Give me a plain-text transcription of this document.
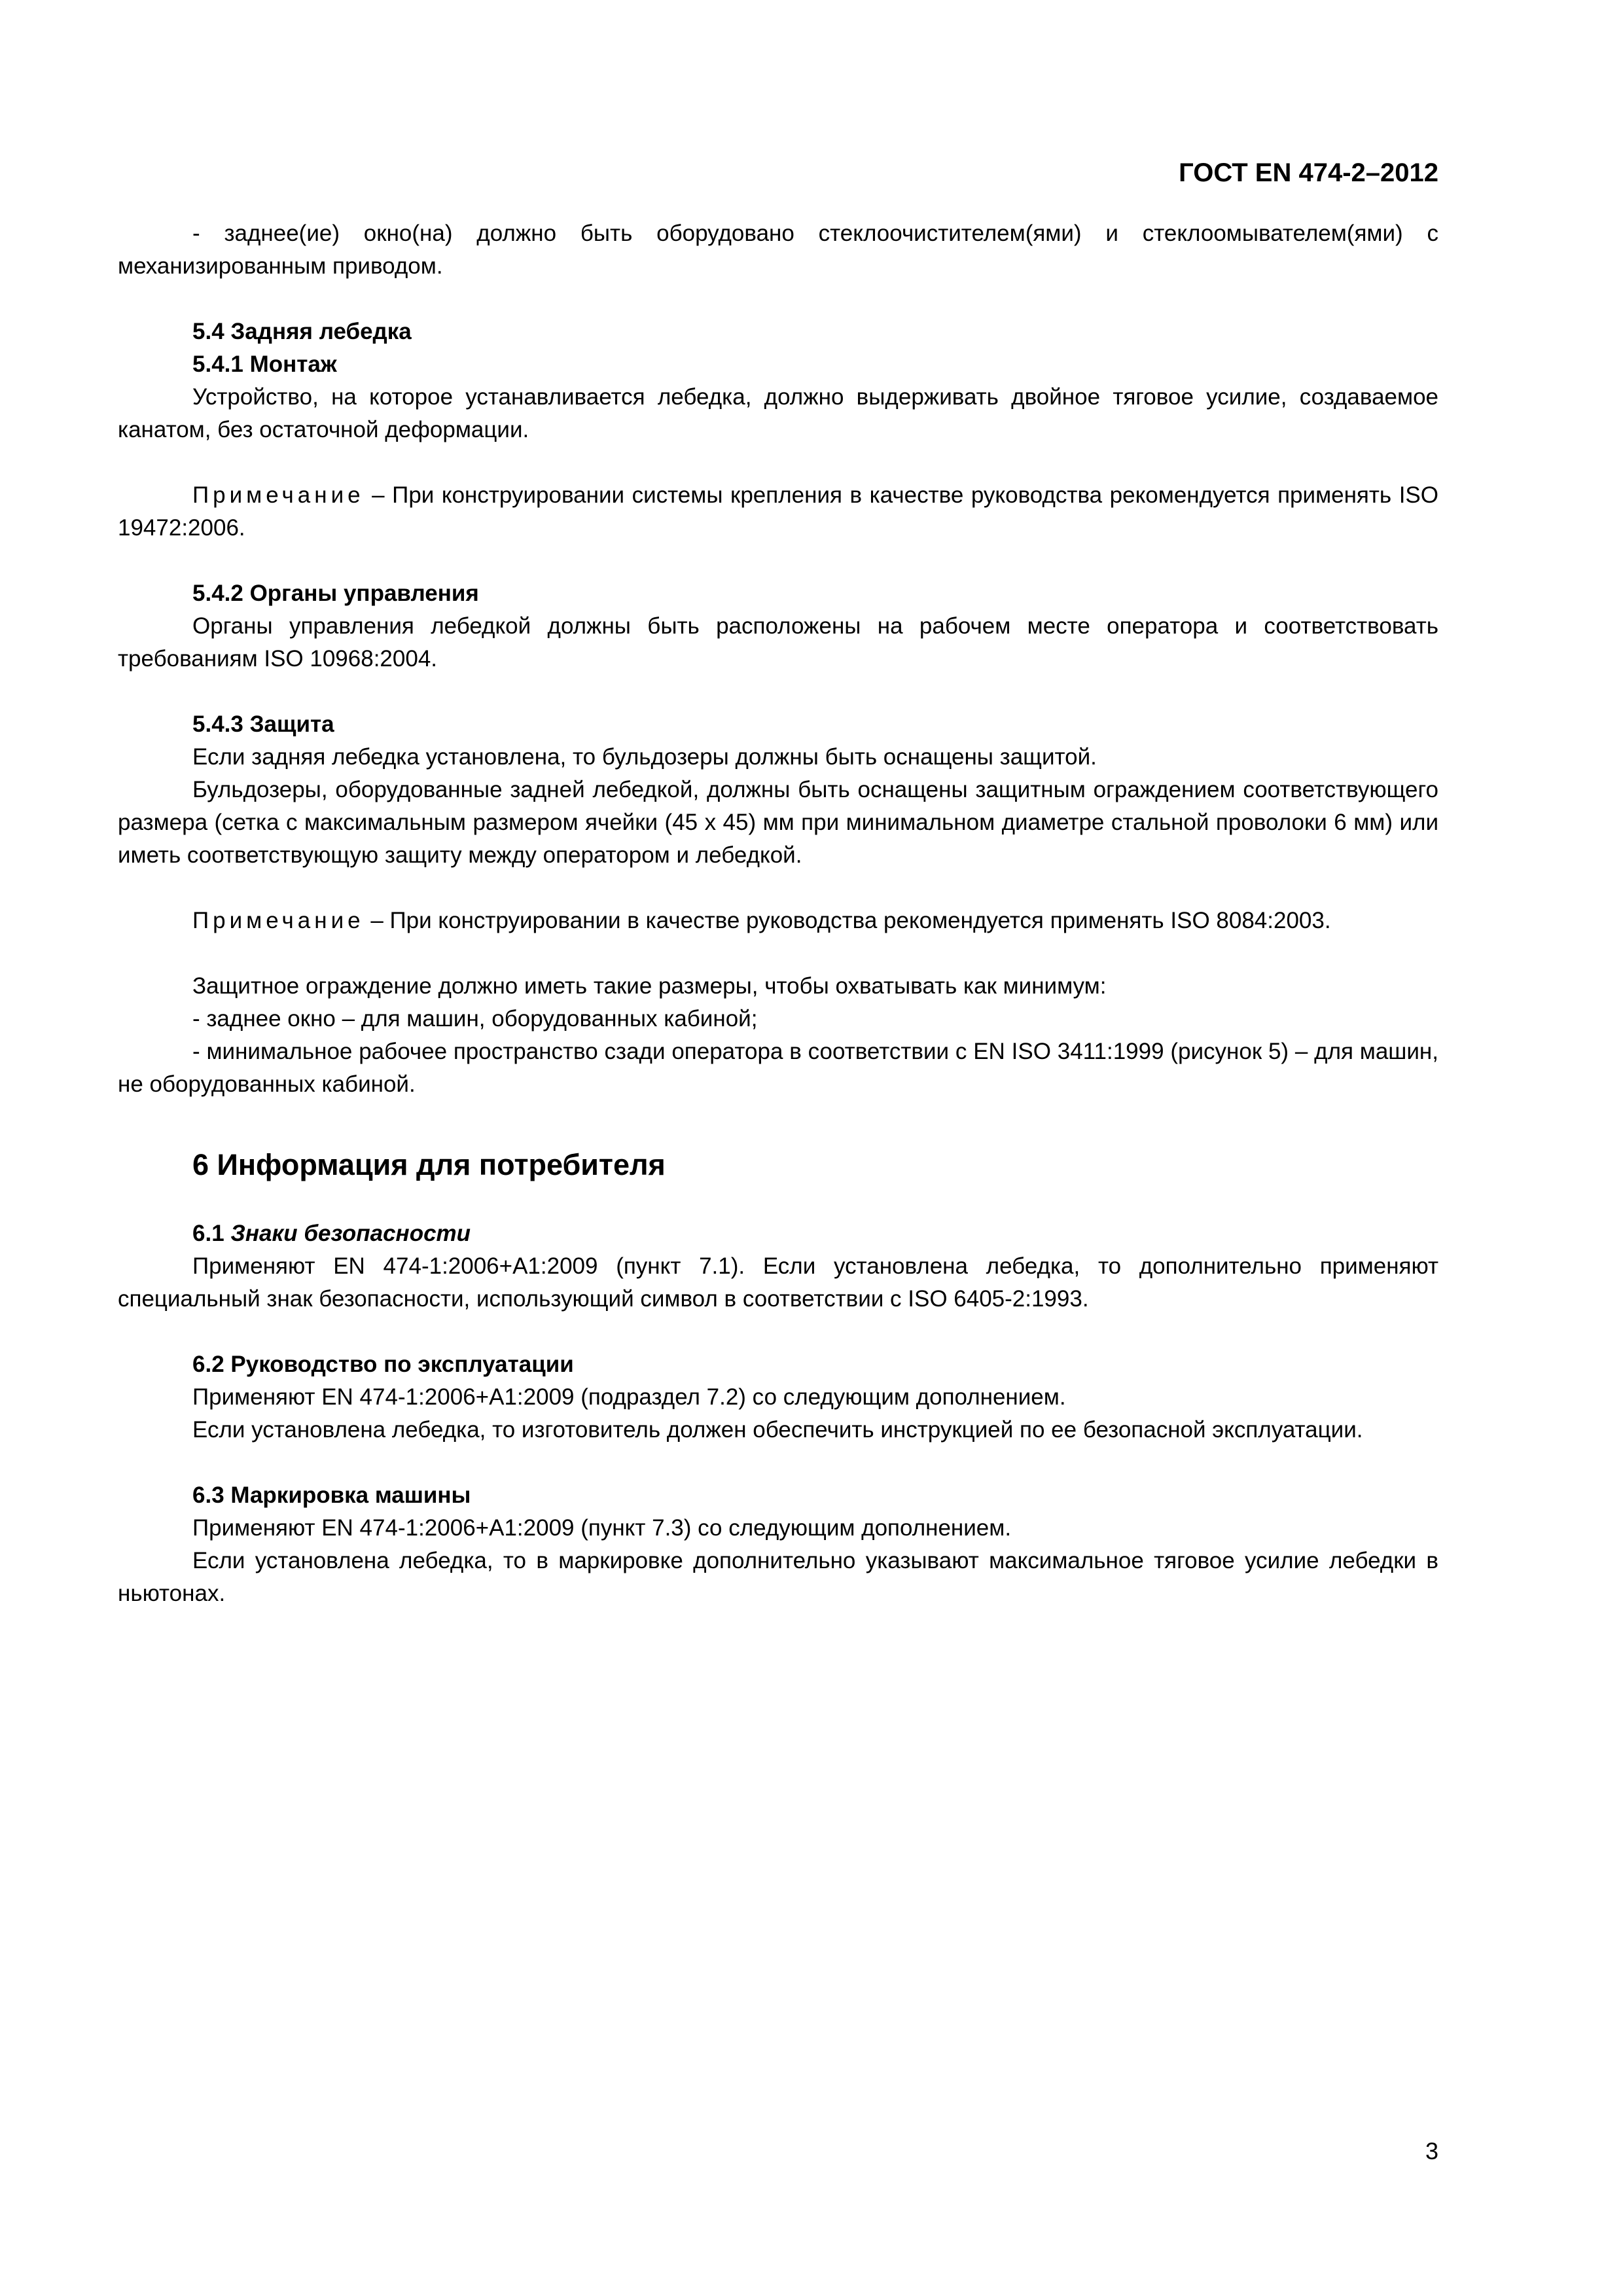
ГОСТ EN 474-2–2012

- заднее(ие) окно(на) должно быть оборудовано стеклоочистителем(ями) и стеклоомывателем(ями) с механизированным приводом.

5.4 Задняя лебедка

5.4.1 Монтаж

Устройство, на которое устанавливается лебедка, должно выдерживать двойное тяговое усилие, создаваемое канатом, без остаточной деформации.

Примечание – При конструировании системы крепления в качестве руководства рекомендуется применять ISO 19472:2006.

5.4.2 Органы управления

Органы управления лебедкой должны быть расположены на рабочем месте оператора и соответствовать требованиям ISO 10968:2004.

5.4.3 Защита

Если задняя лебедка установлена, то бульдозеры должны быть оснащены защитой.

Бульдозеры, оборудованные задней лебедкой, должны быть оснащены защитным ограждением соответствующего размера (сетка с максимальным размером ячейки (45 x 45) мм при минимальном диаметре стальной проволоки 6 мм) или иметь соответствующую защиту между оператором и лебедкой.

Примечание – При конструировании в качестве руководства рекомендуется применять ISO 8084:2003.

Защитное ограждение должно иметь такие размеры, чтобы охватывать как минимум:

- заднее окно – для машин, оборудованных кабиной;

- минимальное рабочее пространство сзади оператора в соответствии с EN ISO 3411:1999 (рисунок 5) – для машин, не оборудованных кабиной.

6 Информация для потребителя

6.1 Знаки безопасности

Применяют EN 474-1:2006+A1:2009 (пункт 7.1). Если установлена лебедка, то дополнительно применяют специальный знак безопасности, использующий символ в соответствии с ISO 6405-2:1993.

6.2 Руководство по эксплуатации

Применяют EN 474-1:2006+A1:2009 (подраздел 7.2) со следующим дополнением.

Если установлена лебедка, то изготовитель должен обеспечить инструкцией по ее безопасной эксплуатации.

6.3 Маркировка машины

Применяют EN 474-1:2006+A1:2009 (пункт 7.3) со следующим дополнением.

Если установлена лебедка, то в маркировке дополнительно указывают максимальное тяговое усилие лебедки в ньютонах.

3
